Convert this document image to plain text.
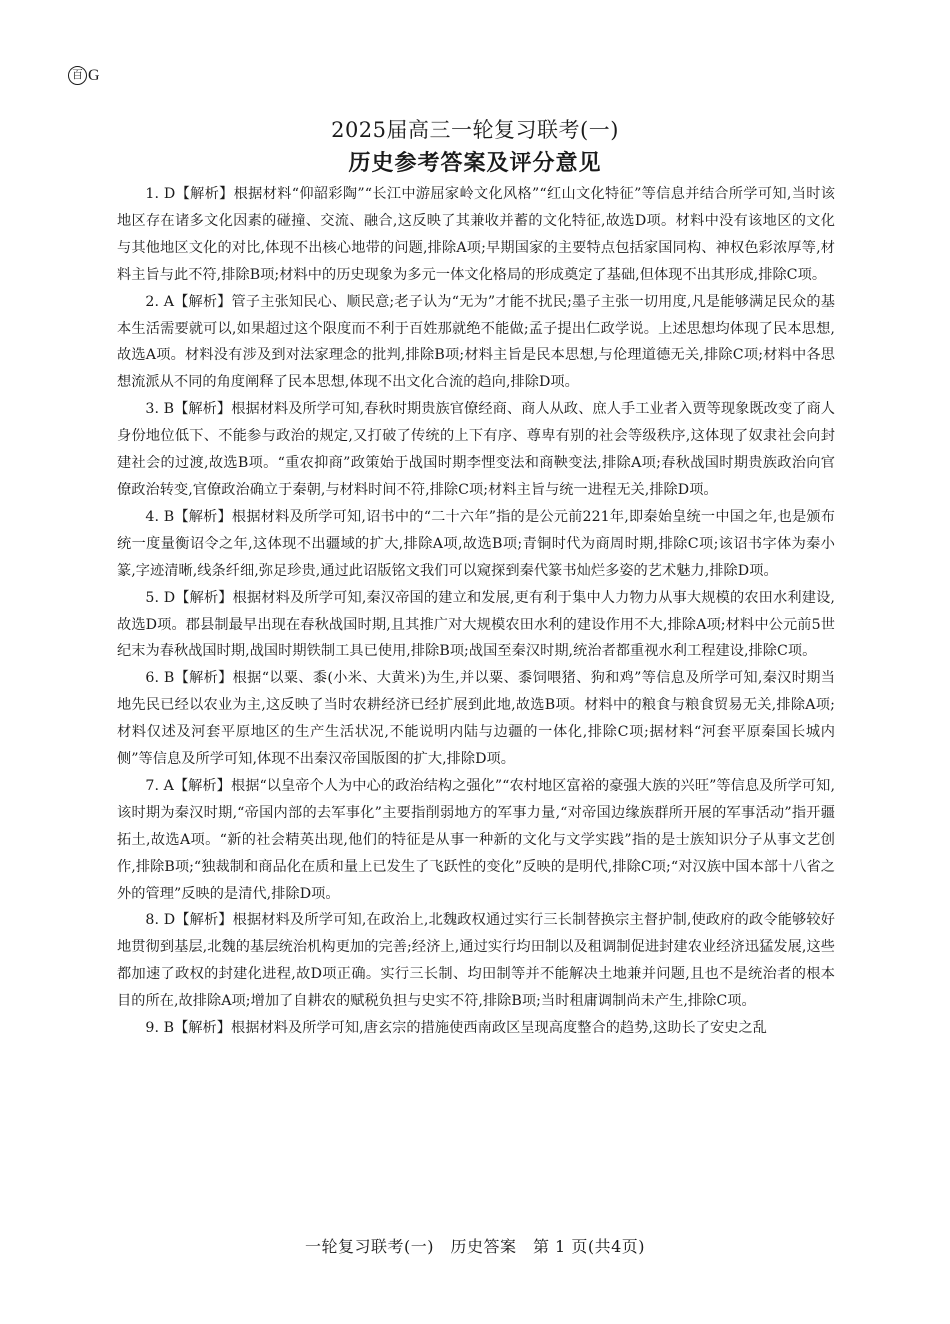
百 G
2025届高三一轮复习联考(一)
历史参考答案及评分意见

1. D【解析】根据材料“仰韶彩陶”“长江中游屈家岭文化风格”“红山文化特征”等信息并结合所学可知,当时该地区存在诸多文化因素的碰撞、交流、融合,这反映了其兼收并蓄的文化特征,故选D项。材料中没有该地区的文化与其他地区文化的对比,体现不出核心地带的问题,排除A项;早期国家的主要特点包括家国同构、神权色彩浓厚等,材料主旨与此不符,排除B项;材料中的历史现象为多元一体文化格局的形成奠定了基础,但体现不出其形成,排除C项。

2. A【解析】管子主张知民心、顺民意;老子认为“无为”才能不扰民;墨子主张一切用度,凡是能够满足民众的基本生活需要就可以,如果超过这个限度而不利于百姓那就绝不能做;孟子提出仁政学说。上述思想均体现了民本思想,故选A项。材料没有涉及到对法家理念的批判,排除B项;材料主旨是民本思想,与伦理道德无关,排除C项;材料中各思想流派从不同的角度阐释了民本思想,体现不出文化合流的趋向,排除D项。

3. B【解析】根据材料及所学可知,春秋时期贵族官僚经商、商人从政、庶人手工业者入贾等现象既改变了商人身份地位低下、不能参与政治的规定,又打破了传统的上下有序、尊卑有别的社会等级秩序,这体现了奴隶社会向封建社会的过渡,故选B项。“重农抑商”政策始于战国时期李悝变法和商鞅变法,排除A项;春秋战国时期贵族政治向官僚政治转变,官僚政治确立于秦朝,与材料时间不符,排除C项;材料主旨与统一进程无关,排除D项。

4. B【解析】根据材料及所学可知,诏书中的“二十六年”指的是公元前221年,即秦始皇统一中国之年,也是颁布统一度量衡诏令之年,这体现不出疆域的扩大,排除A项,故选B项;青铜时代为商周时期,排除C项;该诏书字体为秦小篆,字迹清晰,线条纤细,弥足珍贵,通过此诏版铭文我们可以窥探到秦代篆书灿烂多姿的艺术魅力,排除D项。

5. D【解析】根据材料及所学可知,秦汉帝国的建立和发展,更有利于集中人力物力从事大规模的农田水利建设,故选D项。郡县制最早出现在春秋战国时期,且其推广对大规模农田水利的建设作用不大,排除A项;材料中公元前5世纪末为春秋战国时期,战国时期铁制工具已使用,排除B项;战国至秦汉时期,统治者都重视水利工程建设,排除C项。

6. B【解析】根据“以粟、黍(小米、大黄米)为生,并以粟、黍饲喂猪、狗和鸡”等信息及所学可知,秦汉时期当地先民已经以农业为主,这反映了当时农耕经济已经扩展到此地,故选B项。材料中的粮食与粮食贸易无关,排除A项;材料仅述及河套平原地区的生产生活状况,不能说明内陆与边疆的一体化,排除C项;据材料“河套平原秦国长城内侧”等信息及所学可知,体现不出秦汉帝国版图的扩大,排除D项。

7. A【解析】根据“以皇帝个人为中心的政治结构之强化”“农村地区富裕的豪强大族的兴旺”等信息及所学可知,该时期为秦汉时期,“帝国内部的去军事化”主要指削弱地方的军事力量,“对帝国边缘族群所开展的军事活动”指开疆拓土,故选A项。“新的社会精英出现,他们的特征是从事一种新的文化与文学实践”指的是士族知识分子从事文艺创作,排除B项;“独裁制和商品化在质和量上已发生了飞跃性的变化”反映的是明代,排除C项;“对汉族中国本部十八省之外的管理”反映的是清代,排除D项。

8. D【解析】根据材料及所学可知,在政治上,北魏政权通过实行三长制替换宗主督护制,使政府的政令能够较好地贯彻到基层,北魏的基层统治机构更加的完善;经济上,通过实行均田制以及租调制促进封建农业经济迅猛发展,这些都加速了政权的封建化进程,故D项正确。实行三长制、均田制等并不能解决土地兼并问题,且也不是统治者的根本目的所在,故排除A项;增加了自耕农的赋税负担与史实不符,排除B项;当时租庸调制尚未产生,排除C项。

9. B【解析】根据材料及所学可知,唐玄宗的措施使西南政区呈现高度整合的趋势,这助长了安史之乱

一轮复习联考(一)　历史答案　第 1 页(共4页)
